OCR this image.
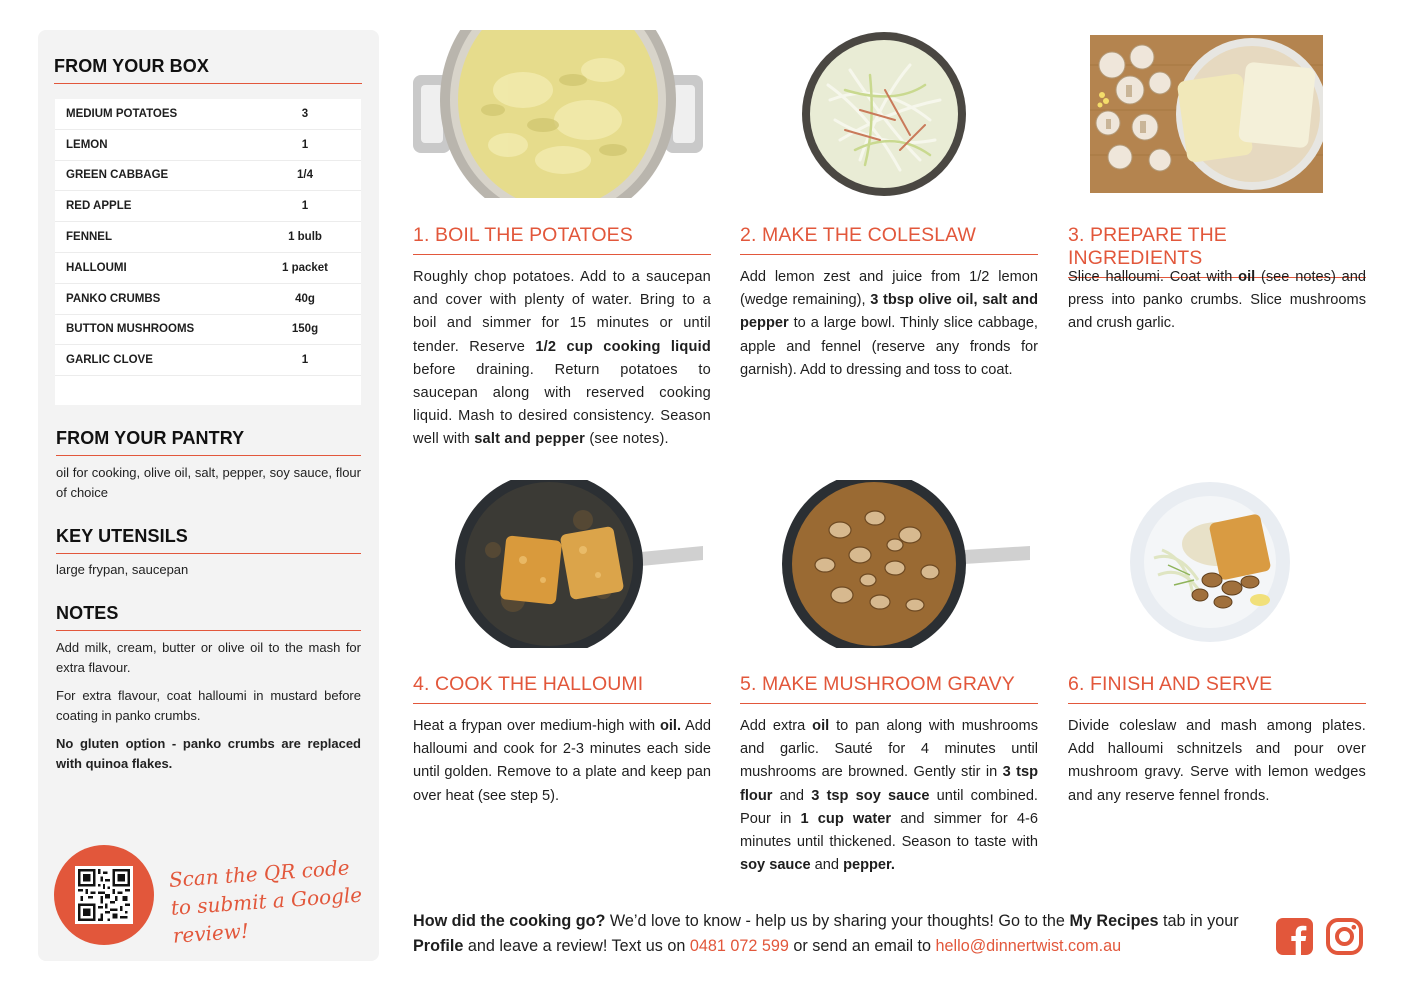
FROM YOUR BOX
MEDIUM POTATOES	3
LEMON	1
GREEN CABBAGE	1/4
RED APPLE	1
FENNEL	1 bulb
HALLOUMI	1 packet
PANKO CRUMBS	40g
BUTTON MUSHROOMS	150g
GARLIC CLOVE	1
FROM YOUR PANTRY
oil for cooking, olive oil, salt, pepper, soy sauce, flour of choice
KEY UTENSILS
large frypan, saucepan
NOTES

Add milk, cream, butter or olive oil to the mash for extra flavour.

For extra flavour, coat halloumi in mustard before coating in panko crumbs.

No gluten option - panko crumbs are replaced with quinoa flakes.

Scan the QR code to submit a Google review!
1. BOIL THE POTATOES
Roughly chop potatoes. Add to a saucepan and cover with plenty of water. Bring to a boil and simmer for 15 minutes or until tender. Reserve 1/2 cup cooking liquid before draining. Return potatoes to saucepan along with reserved cooking liquid. Mash to desired consistency. Season well with salt and pepper (see notes).
2. MAKE THE COLESLAW
Add lemon zest and juice from 1/2 lemon (wedge remaining), 3 tbsp olive oil, salt and pepper to a large bowl. Thinly slice cabbage, apple and fennel (reserve any fronds for garnish). Add to dressing and toss to coat.
3. PREPARE THE INGREDIENTS
Slice halloumi. Coat with oil (see notes) and press into panko crumbs. Slice mushrooms and crush garlic.
4. COOK THE HALLOUMI
Heat a frypan over medium-high with oil. Add halloumi and cook for 2-3 minutes each side until golden. Remove to a plate and keep pan over heat (see step 5).
5. MAKE MUSHROOM GRAVY
Add extra oil to pan along with mushrooms and garlic. Sauté for 4 minutes until mushrooms are browned. Gently stir in 3 tsp flour and 3 tsp soy sauce until combined. Pour in 1 cup water and simmer for 4-6 minutes until thickened. Season to taste with soy sauce and pepper.
6. FINISH AND SERVE
Divide coleslaw and mash among plates. Add halloumi schnitzels and pour over mushroom gravy. Serve with lemon wedges and any reserve fennel fronds.
How did the cooking go? We’d love to know - help us by sharing your thoughts! Go to the My Recipes tab in your Profile and leave a review! Text us on 0481 072 599 or send an email to hello@dinnertwist.com.au
